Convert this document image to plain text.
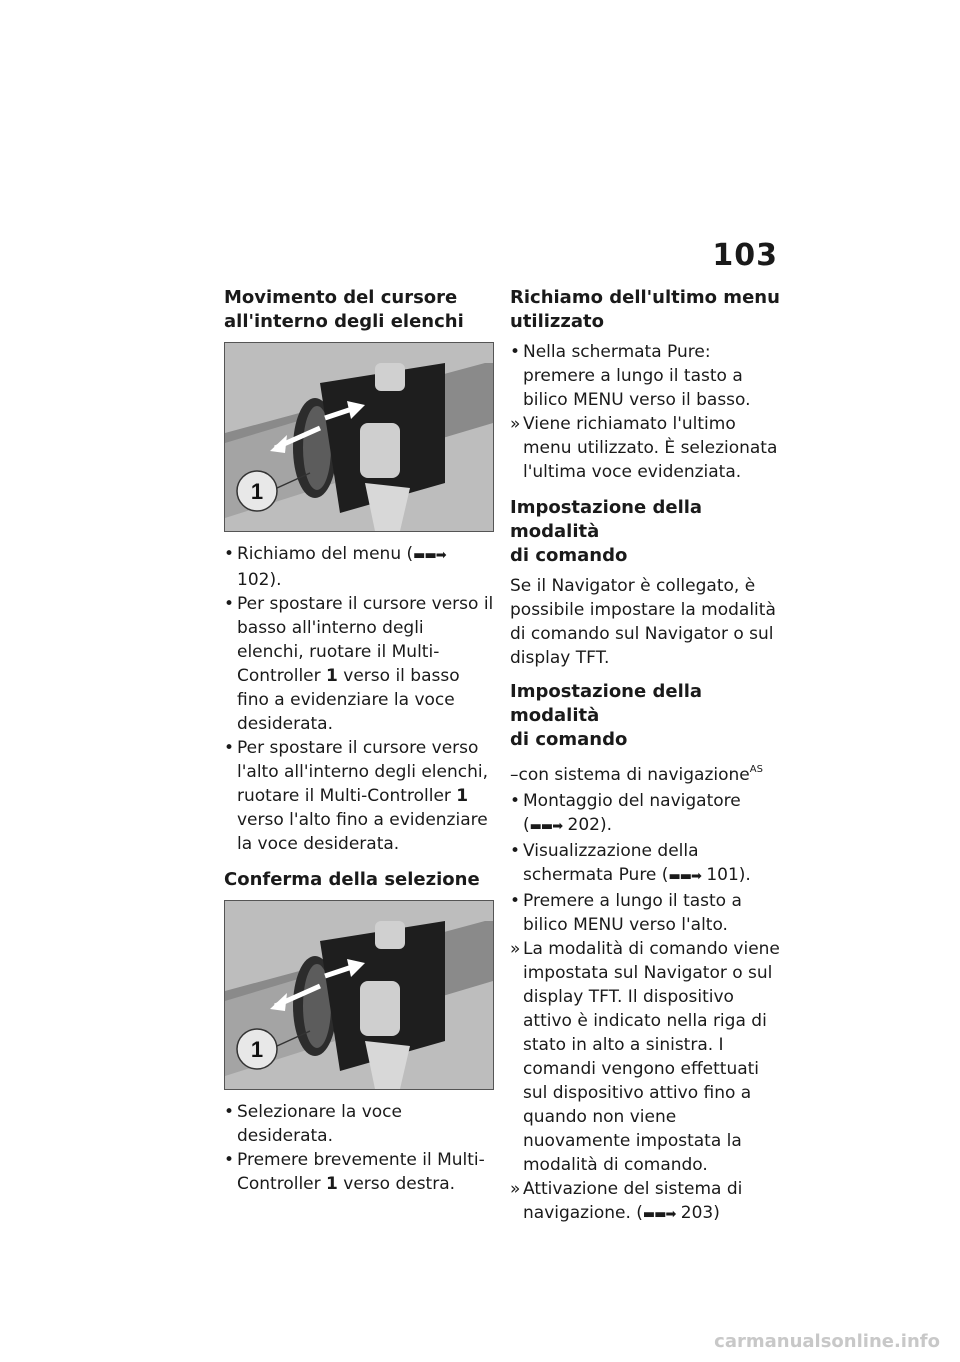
103
Movimento del cursore
all'interno degli elenchi
1
• Richiamo del menu (▬▬➡ 102).
• Per spostare il cursore verso il basso all'interno degli elenchi, ruotare il Multi-Controller 1 verso il basso fino a evidenziare la voce desiderata.
• Per spostare il cursore verso l'alto all'interno degli elenchi, ruotare il Multi-Controller 1 verso l'alto fino a evidenziare la voce desiderata.
Conferma della selezione
1
• Selezionare la voce desiderata.
• Premere brevemente il Multi-Controller 1 verso destra.
Richiamo dell'ultimo menu
utilizzato
• Nella schermata Pure: premere a lungo il tasto a bilico MENU verso il basso.
» Viene richiamato l'ultimo menu utilizzato. È selezionata l'ultima voce evidenziata.
Impostazione della modalità
di comando
Se il Navigator è collegato, è possibile impostare la modalità di comando sul Navigator o sul display TFT.
Impostazione della modalità
di comando
–con sistema di navigazione$^{AS}$
• Montaggio del navigatore (▬▬➡ 202).
• Visualizzazione della schermata Pure (▬▬➡ 101).
• Premere a lungo il tasto a bilico MENU verso l'alto.
» La modalità di comando viene impostata sul Navigator o sul display TFT. Il dispositivo attivo è indicato nella riga di stato in alto a sinistra. I comandi vengono effettuati sul dispositivo attivo fino a quando non viene nuovamente impostata la modalità di comando.
» Attivazione del sistema di navigazione. (▬▬➡ 203)
carmanualsonline.info
